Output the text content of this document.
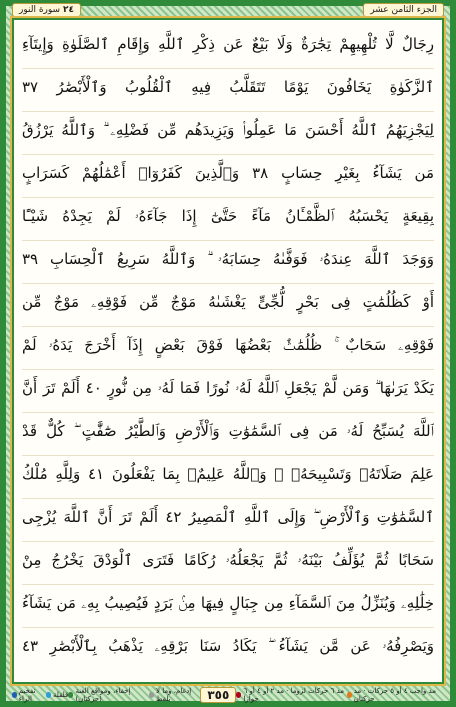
٢٤ سورة النور	الجزء الثامن عشر
رِجَالٌ لَّا تُلْهِيهِمْ تِجَٰرَةٌ وَلَا بَيْعٌ عَن ذِكْرِ ٱللَّهِ وَإِقَامِ ٱلصَّلَوٰةِ وَإِيتَآءِ
ٱلزَّكَوٰةِ يَخَافُونَ يَوْمًا تَتَقَلَّبُ فِيهِ ٱلْقُلُوبُ وَٱلْأَبْصَٰرُ ٣٧
لِيَجْزِيَهُمُ ٱللَّهُ أَحْسَنَ مَا عَمِلُوا۟ وَيَزِيدَهُم مِّن فَضْلِهِۦ ۗ وَٱللَّهُ يَرْزُقُ
مَن يَشَآءُ بِغَيْرِ حِسَابٍ ٣٨ وَٱلَّذِينَ كَفَرُوٓا۟ أَعْمَٰلُهُمْ كَسَرَابٍ
بِقِيعَةٍ يَحْسَبُهُ ٱلظَّمْـَٔانُ مَآءً حَتَّىٰٓ إِذَا جَآءَهُۥ لَمْ يَجِدْهُ شَيْـًٔا
وَوَجَدَ ٱللَّهَ عِندَهُۥ فَوَفَّىٰهُ حِسَابَهُۥ ۗ وَٱللَّهُ سَرِيعُ ٱلْحِسَابِ ٣٩
أَوْ كَظُلُمَٰتٍ فِى بَحْرٍ لُّجِّىٍّ يَغْشَىٰهُ مَوْجٌ مِّن فَوْقِهِۦ مَوْجٌ مِّن
فَوْقِهِۦ سَحَابٌ ۚ ظُلُمَٰتٌۢ بَعْضُهَا فَوْقَ بَعْضٍ إِذَآ أَخْرَجَ يَدَهُۥ لَمْ
يَكَدْ يَرَىٰهَا ۗ وَمَن لَّمْ يَجْعَلِ ٱللَّهُ لَهُۥ نُورًا فَمَا لَهُۥ مِن نُّورٍ ٤٠ أَلَمْ تَرَ أَنَّ
ٱللَّهَ يُسَبِّحُ لَهُۥ مَن فِى ٱلسَّمَٰوَٰتِ وَٱلْأَرْضِ وَٱلطَّيْرُ صَٰٓفَّٰتٍ ۖ كُلٌّ قَدْ
عَلِمَ صَلَاتَهُۥ وَتَسْبِيحَهُۥ ۗ وَٱللَّهُ عَلِيمٌۢ بِمَا يَفْعَلُونَ ٤١ وَلِلَّهِ مُلْكُ
ٱلسَّمَٰوَٰتِ وَٱلْأَرْضِ ۖ وَإِلَى ٱللَّهِ ٱلْمَصِيرُ ٤٢ أَلَمْ تَرَ أَنَّ ٱللَّهَ يُزْجِى
سَحَابًا ثُمَّ يُؤَلِّفُ بَيْنَهُۥ ثُمَّ يَجْعَلُهُۥ رُكَامًا فَتَرَى ٱلْوَدْقَ يَخْرُجُ مِنْ
خِلَٰلِهِۦ وَيُنَزِّلُ مِنَ ٱلسَّمَآءِ مِن جِبَالٍ فِيهَا مِنۢ بَرَدٍ فَيُصِيبُ بِهِۦ مَن يَشَآءُ
وَيَصْرِفُهُۥ عَن مَّن يَشَآءُ ۖ يَكَادُ سَنَا بَرْقِهِۦ يَذْهَبُ بِٱلْأَبْصَٰرِ ٤٣
تفخيم الراء	قلقلة إخفاء، ومواقع الغنة (حركتان)
إدغام، وما لا يلفظ	٣٥٥	مد ٦ حركات لزوما · مد ٢ أو ٤ أو ٦ جوازا
مد واجب ٤ أو ٥ حركات · مد حركتان
